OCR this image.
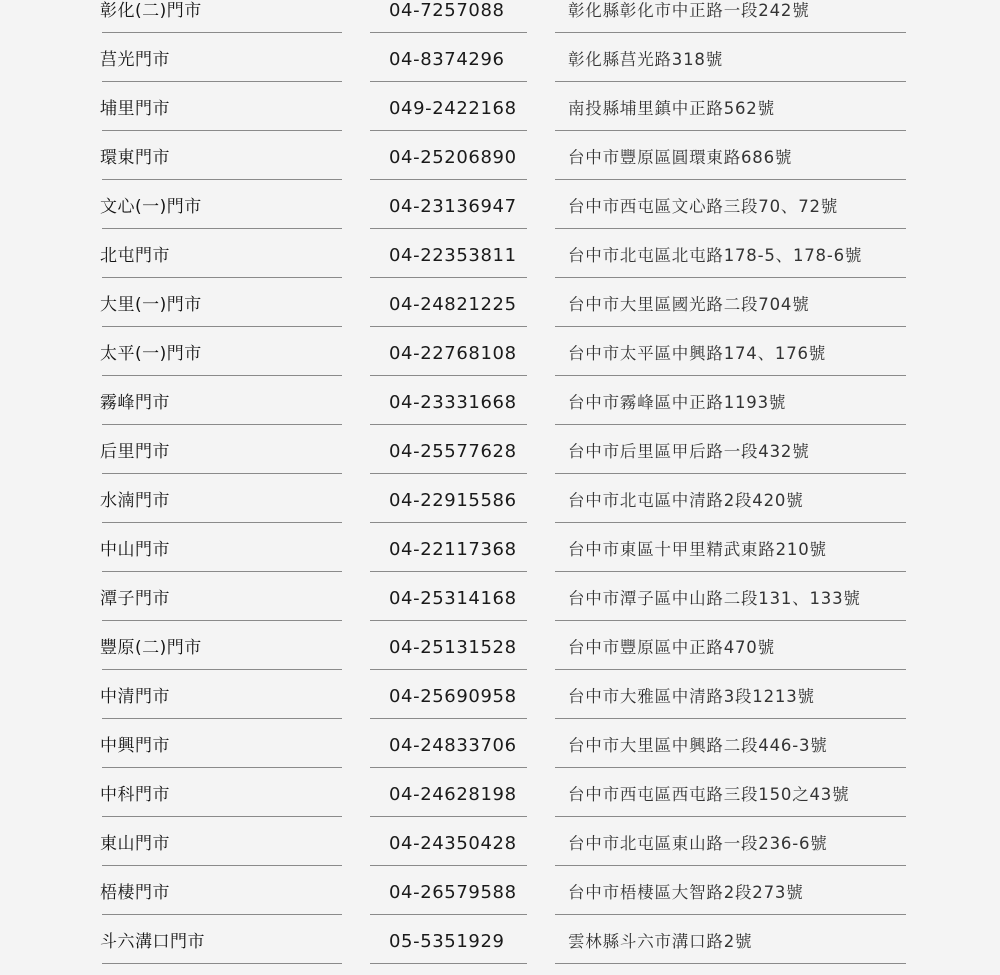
彰化(二)門市	04-7257088	彰化縣彰化市中正路一段242號
莒光門市	04-8374296	彰化縣莒光路318號
埔里門市	049-2422168	南投縣埔里鎮中正路562號
環東門市	04-25206890	台中市豐原區圓環東路686號
文心(一)門市	04-23136947	台中市西屯區文心路三段70、72號
北屯門市	04-22353811	台中市北屯區北屯路178-5、178-6號
大里(一)門市	04-24821225	台中市大里區國光路二段704號
太平(一)門市	04-22768108	台中市太平區中興路174、176號
霧峰門市	04-23331668	台中市霧峰區中正路1193號
后里門市	04-25577628	台中市后里區甲后路一段432號
水湳門市	04-22915586	台中市北屯區中清路2段420號
中山門市	04-22117368	台中市東區十甲里精武東路210號
潭子門市	04-25314168	台中市潭子區中山路二段131、133號
豐原(二)門市	04-25131528	台中市豐原區中正路470號
中清門市	04-25690958	台中市大雅區中清路3段1213號
中興門市	04-24833706	台中市大里區中興路二段446-3號
中科門市	04-24628198	台中市西屯區西屯路三段150之43號
東山門市	04-24350428	台中市北屯區東山路一段236-6號
梧棲門市	04-26579588	台中市梧棲區大智路2段273號
斗六溝口門市	05-5351929	雲林縣斗六市溝口路2號
